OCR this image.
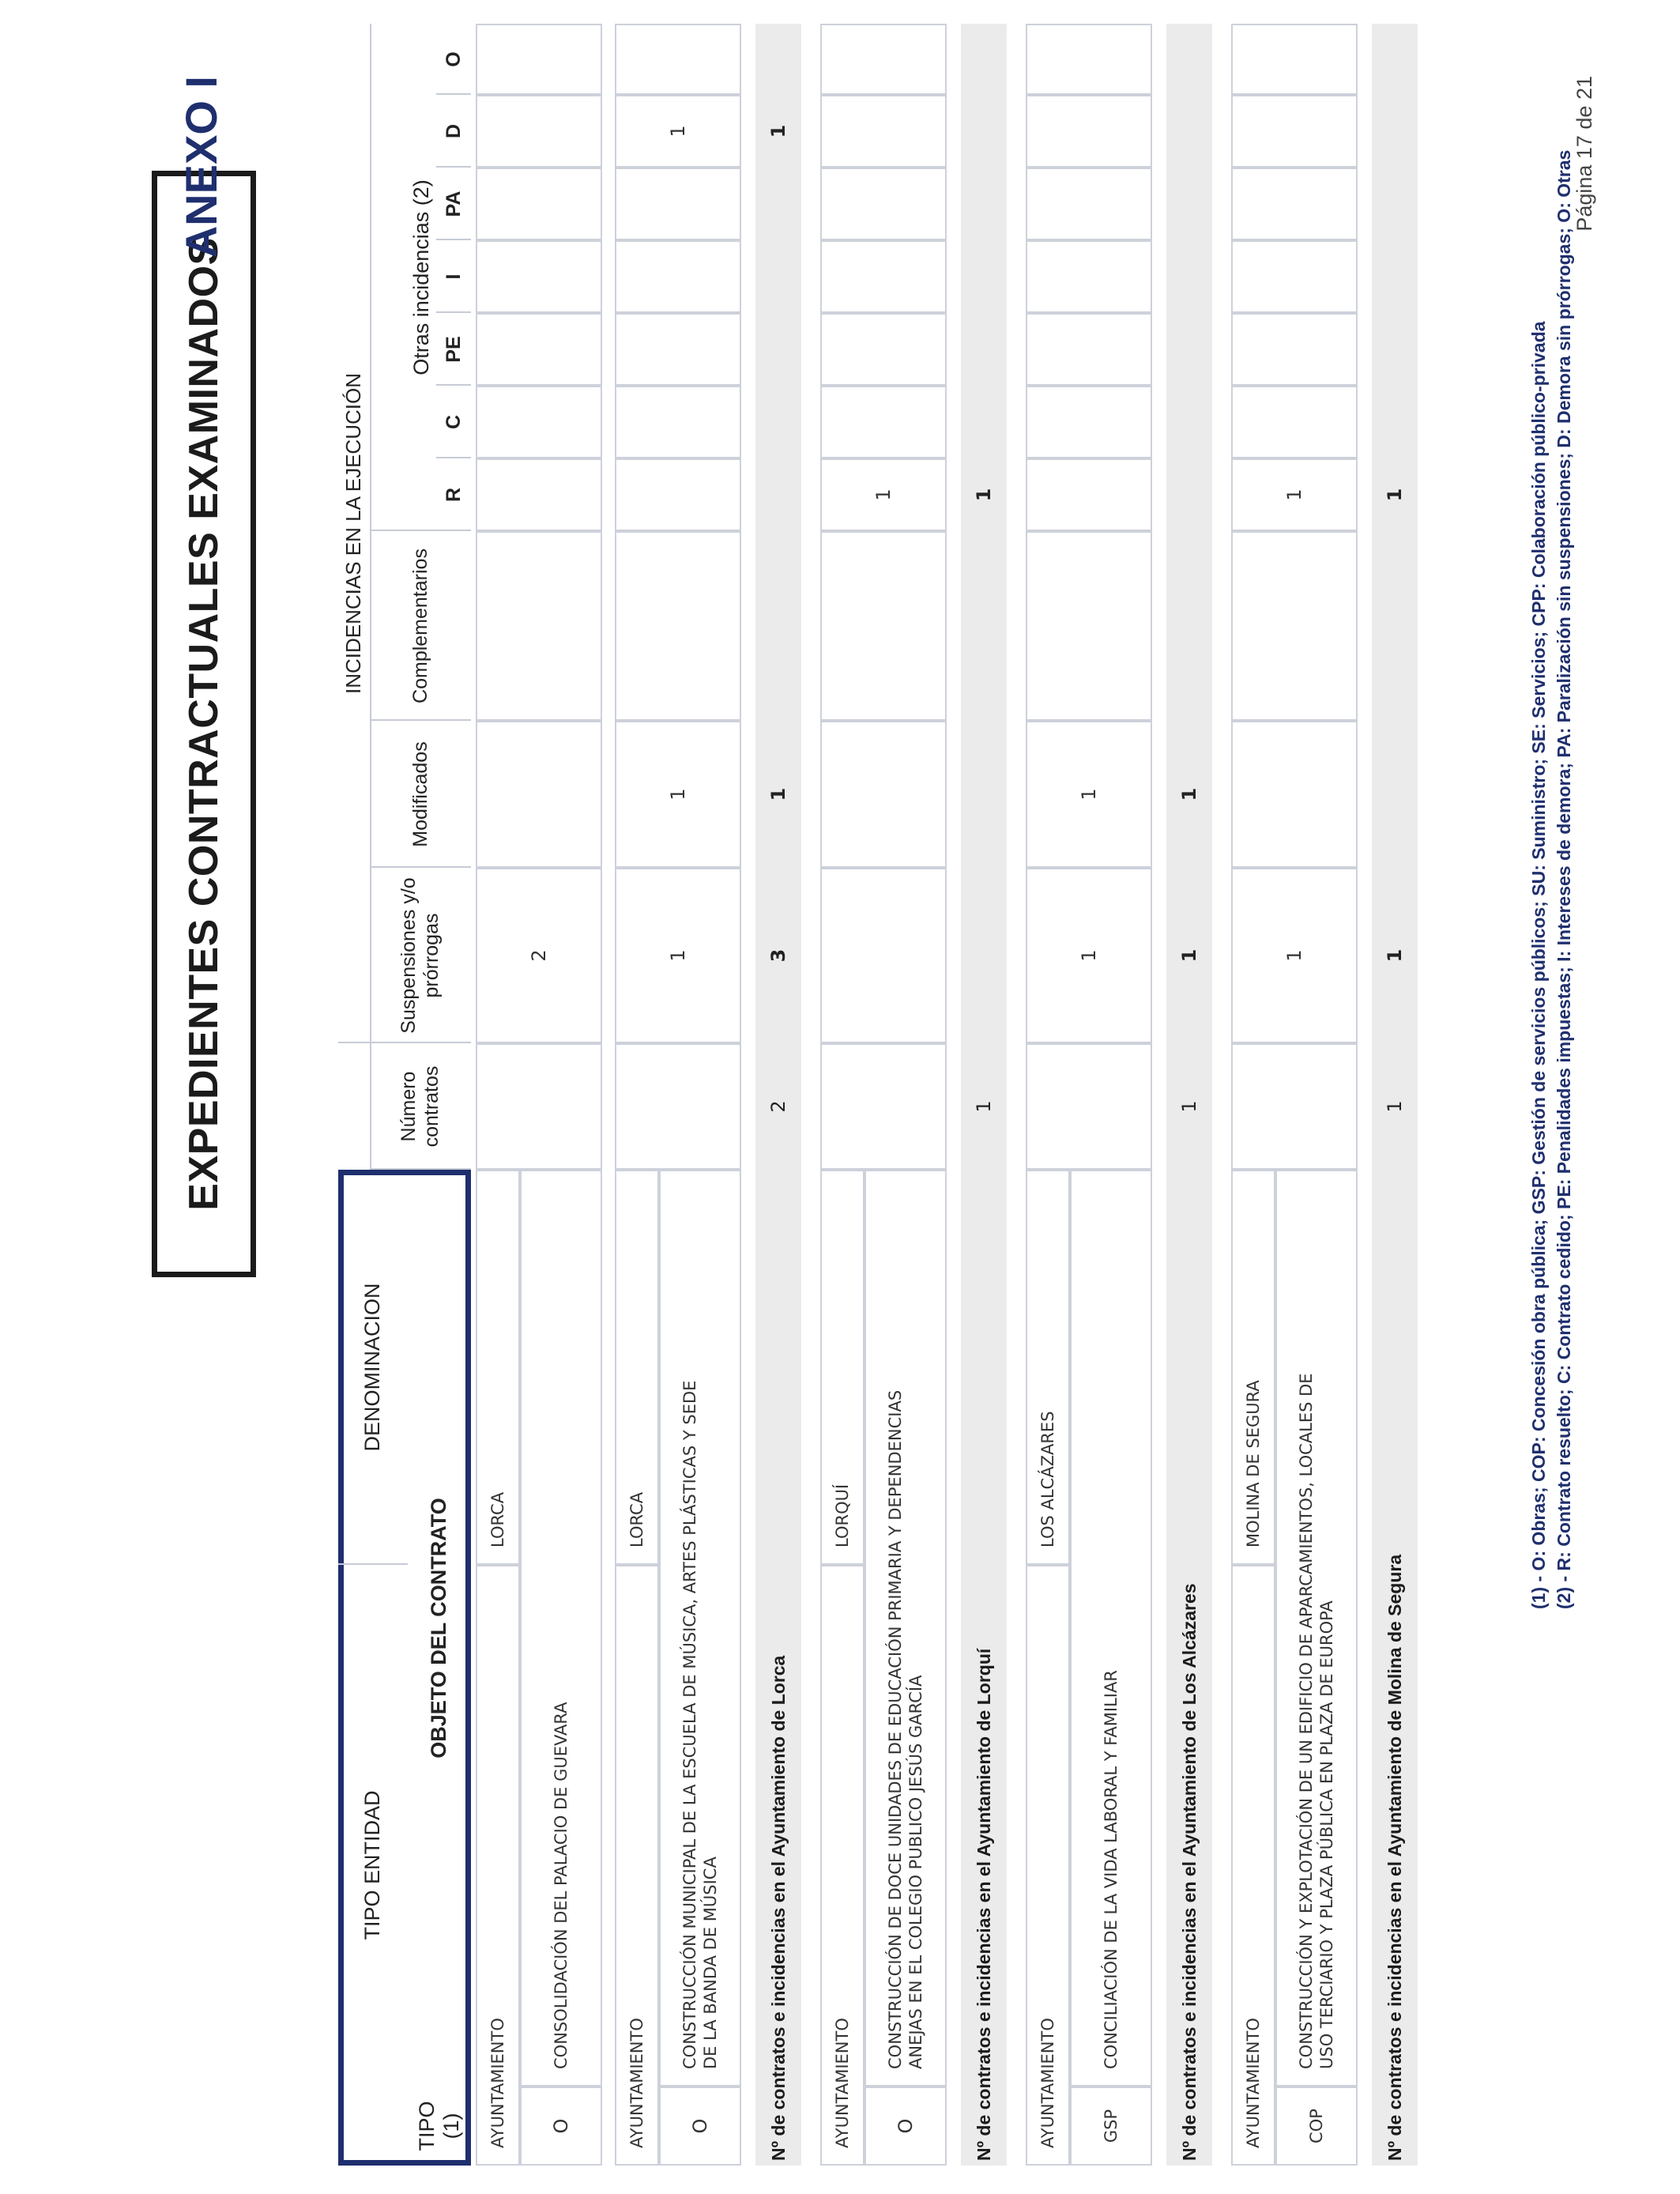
EXPEDIENTES CONTRACTUALES EXAMINADOS
ANEXO I
TIPO ENTIDAD
DENOMINACION
TIPO (1)
OBJETO DEL CONTRATO
Número contratos
INCIDENCIAS EN LA EJECUCIÓN
Suspensiones y/o prórrogas
Modificados
Complementarios
Otras incidencias (2)
R
C
PE
I
PA
D
O
AYUNTAMIENTO
LORCA
O
CONSOLIDACIÓN DEL PALACIO DE GUEVARA
2
AYUNTAMIENTO
LORCA
O
CONSTRUCCIÓN MUNICIPAL DE LA ESCUELA DE MÚSICA, ARTES PLÁSTICAS Y SEDE DE LA BANDA DE MÚSICA
1
1
1
Nº de contratos e incidencias en el Ayuntamiento de Lorca
2
3
1
1
AYUNTAMIENTO
LORQUÍ
O
CONSTRUCCIÓN DE DOCE UNIDADES DE EDUCACIÓN PRIMARIA Y DEPENDENCIAS ANEJAS EN EL COLEGIO PUBLICO JESÚS GARCÍA
1
Nº de contratos e incidencias en el Ayuntamiento de Lorquí
1
1
AYUNTAMIENTO
LOS ALCÁZARES
GSP
CONCILIACIÓN DE LA VIDA LABORAL Y FAMILIAR
1
1
Nº de contratos e incidencias en el Ayuntamiento de Los Alcázares
1
1
1
AYUNTAMIENTO
MOLINA DE SEGURA
COP
CONSTRUCCIÓN Y EXPLOTACIÓN DE UN EDIFICIO DE APARCAMIENTOS, LOCALES DE USO TERCIARIO Y PLAZA PÚBLICA EN PLAZA DE EUROPA
1
1
Nº de contratos e incidencias en el Ayuntamiento de Molina de Segura
1
1
1	(1) - O: Obras; COP: Concesión obra pública; GSP: Gestión de servicios públicos; SU: Suministro; SE: Servicios; CPP: Colaboración público-privada (2) - R: Contrato resuelto; C: Contrato cedido; PE: Penalidades impuestas; I: Intereses de demora; PA: Paralización sin suspensiones; D: Demora sin prórrogas; O: Otras
Página 17 de 21
